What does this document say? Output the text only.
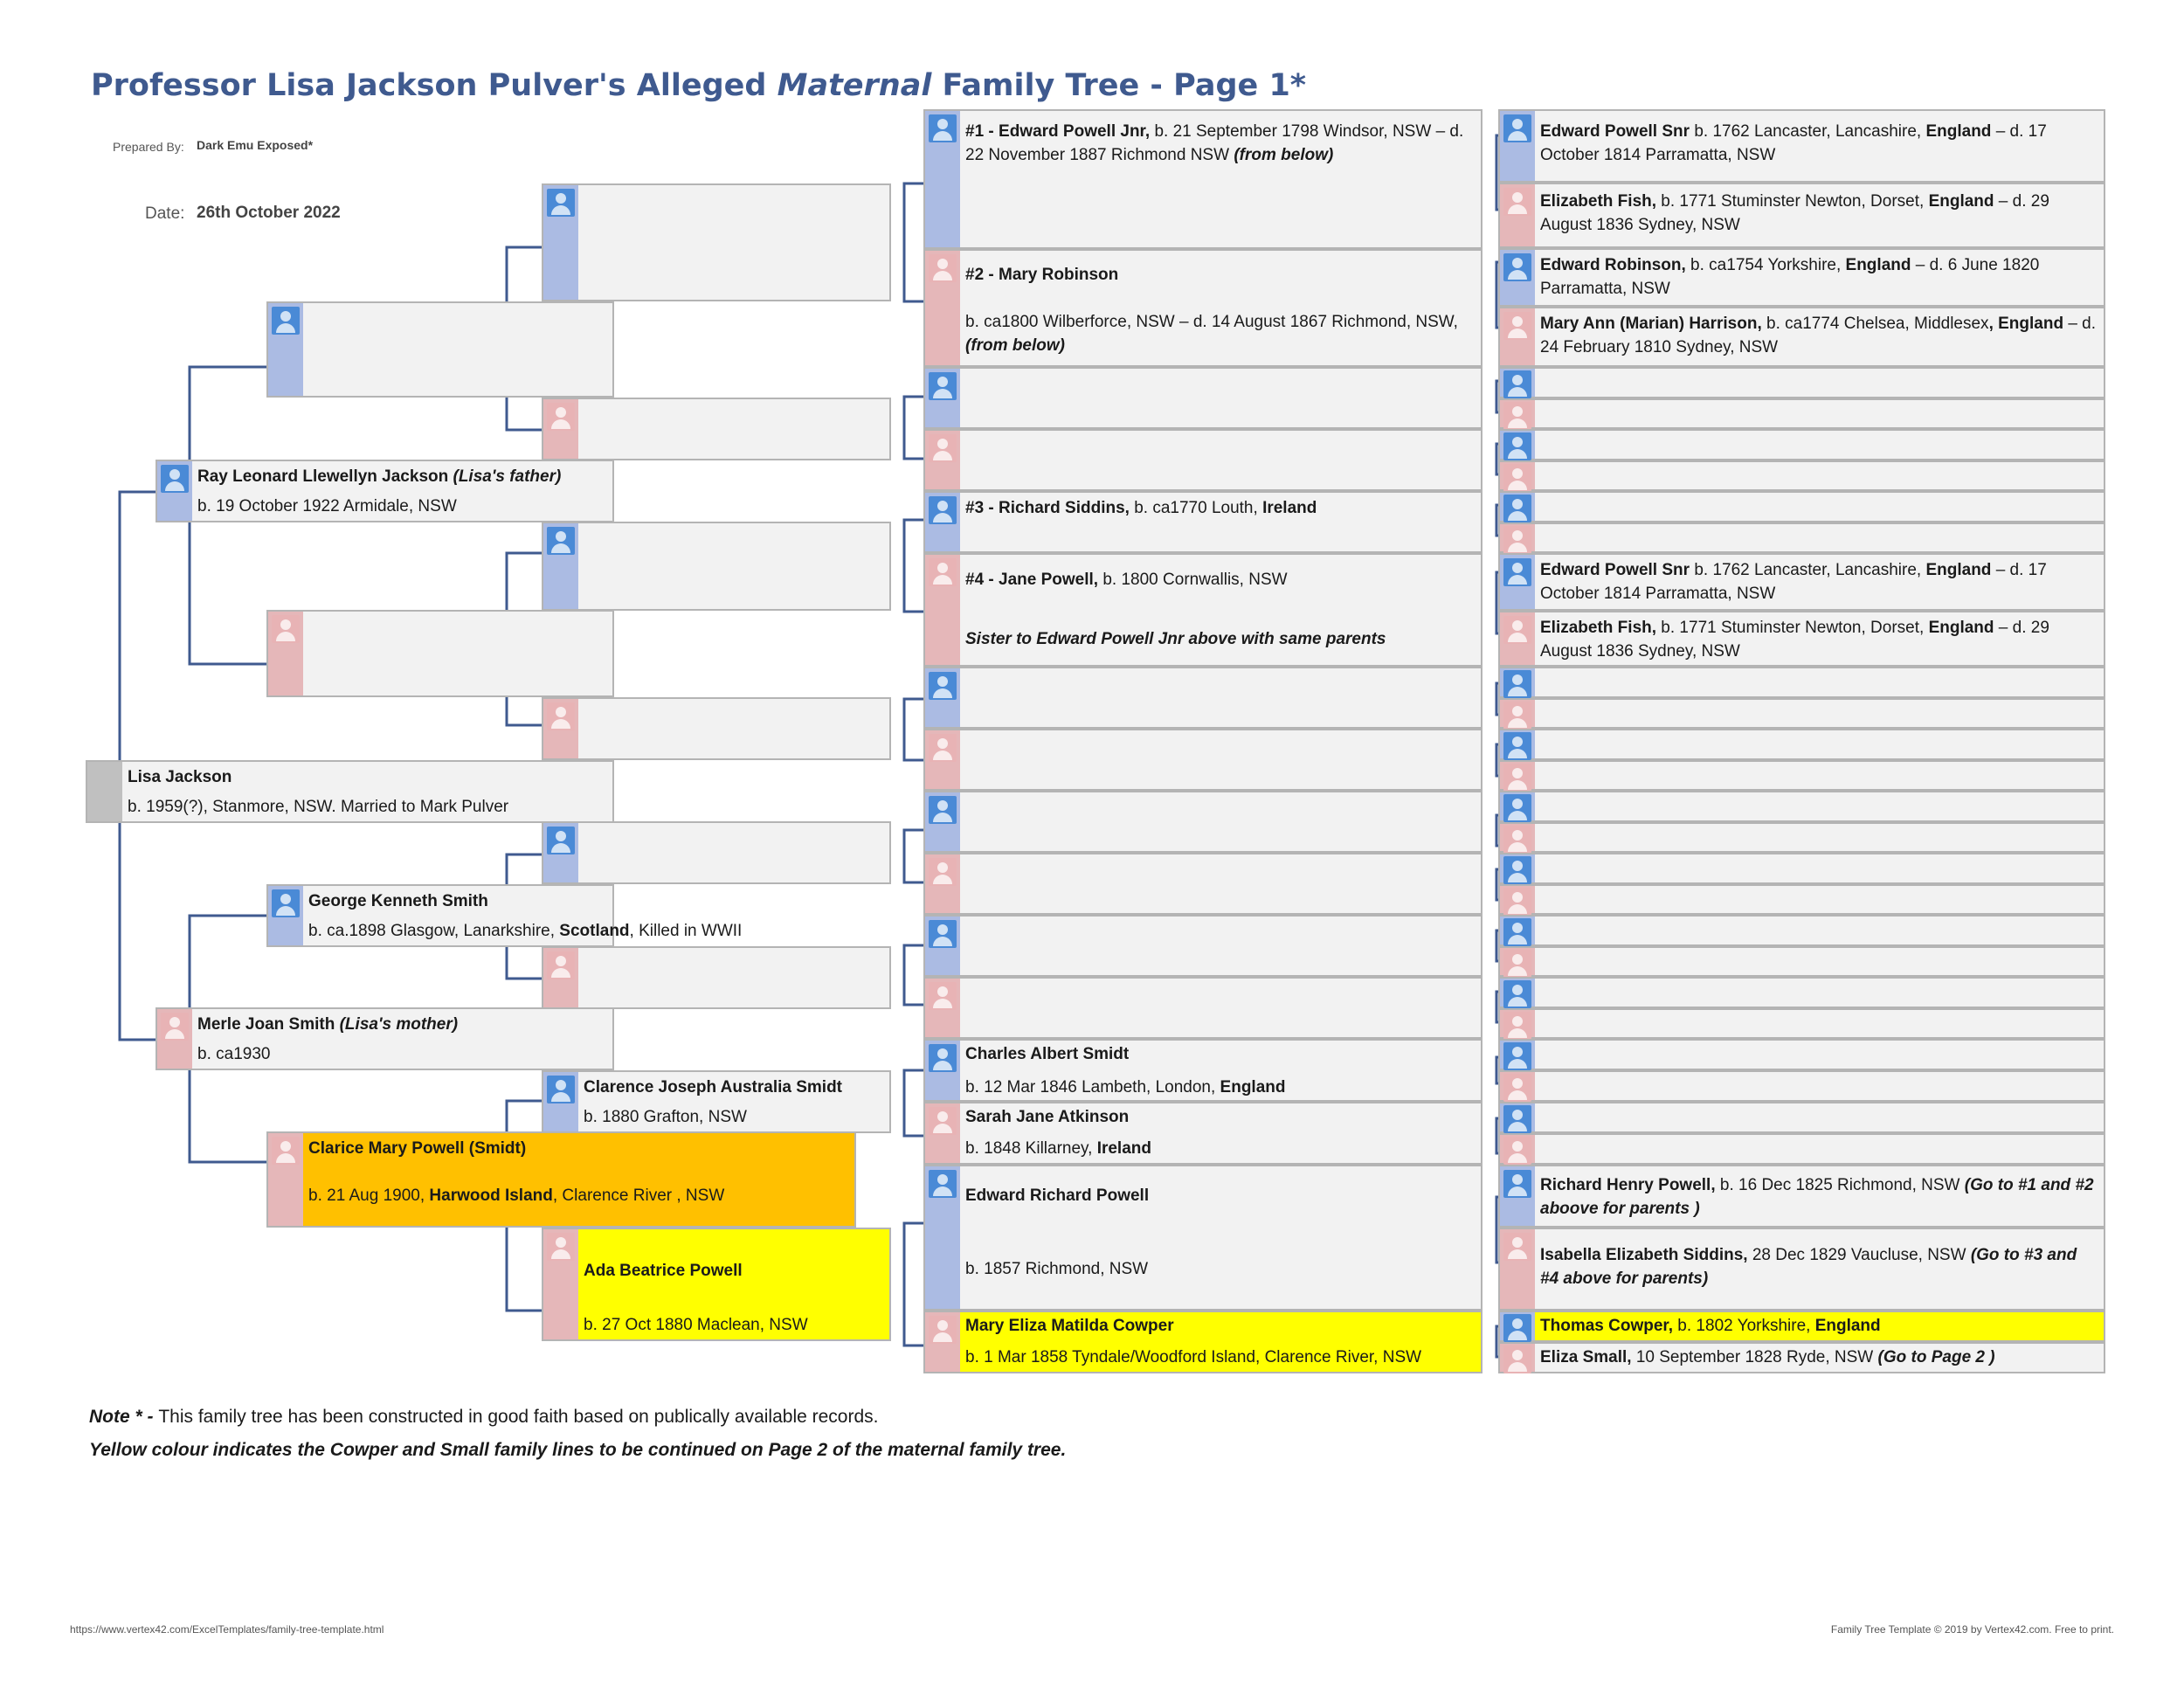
Professor Lisa Jackson Pulver's Alleged Maternal Family Tree - Page 1*
Prepared By: Dark Emu Exposed*
Date: 26th October 2022
Lisa Jackson
b. 1959(?), Stanmore, NSW. Married to Mark Pulver
Ray Leonard Llewellyn Jackson (Lisa's father)
b. 19 October 1922 Armidale, NSW
Merle Joan Smith (Lisa's mother)
b. ca1930
George Kenneth Smith
b. ca.1898 Glasgow, Lanarkshire, Scotland, Killed in WWII
Clarice Mary Powell (Smidt)
b. 21 Aug 1900, Harwood Island, Clarence River , NSW
Clarence Joseph Australia Smidt
b. 1880 Grafton, NSW
Ada Beatrice Powell
b. 27 Oct 1880 Maclean, NSW
#1 - Edward Powell Jnr, b. 21 September 1798 Windsor, NSW – d. 22 November 1887 Richmond NSW (from below)
#2 - Mary Robinson
b. ca1800 Wilberforce, NSW – d. 14 August 1867 Richmond, NSW, (from below)
#3 - Richard Siddins, b. ca1770 Louth, Ireland
#4 - Jane Powell, b. 1800 Cornwallis, NSW
Sister to Edward Powell Jnr above with same parents
Charles Albert Smidt
b. 12 Mar 1846 Lambeth, London, England
Sarah Jane Atkinson
b. 1848 Killarney, Ireland
Edward Richard Powell
b. 1857 Richmond, NSW
Mary Eliza Matilda Cowper
b. 1 Mar 1858 Tyndale/Woodford Island, Clarence River, NSW
Edward Powell Snr b. 1762 Lancaster, Lancashire, England – d. 17 October 1814 Parramatta, NSW
Elizabeth Fish, b. 1771 Stuminster Newton, Dorset, England – d. 29 August 1836 Sydney, NSW
Edward Robinson, b. ca1754 Yorkshire, England – d. 6 June 1820 Parramatta, NSW
Mary Ann (Marian) Harrison, b. ca1774 Chelsea, Middlesex, England – d. 24 February 1810 Sydney, NSW
Edward Powell Snr b. 1762 Lancaster, Lancashire, England – d. 17 October 1814 Parramatta, NSW
Elizabeth Fish, b. 1771 Stuminster Newton, Dorset, England – d. 29 August 1836 Sydney, NSW
Richard Henry Powell, b. 16 Dec 1825 Richmond, NSW (Go to #1 and #2 aboove for parents )
Isabella Elizabeth Siddins, 28 Dec 1829 Vaucluse, NSW (Go to #3 and #4 above for parents)
Thomas Cowper, b. 1802 Yorkshire, England
Eliza Small, 10 September 1828 Ryde, NSW (Go to Page 2 )
Note * - This family tree has been constructed in good faith based on publically available records.
Yellow colour indicates the Cowper and Small family lines to be continued on Page 2 of the maternal family tree.
https://www.vertex42.com/ExcelTemplates/family-tree-template.html	Family Tree Template © 2019 by Vertex42.com. Free to print.
